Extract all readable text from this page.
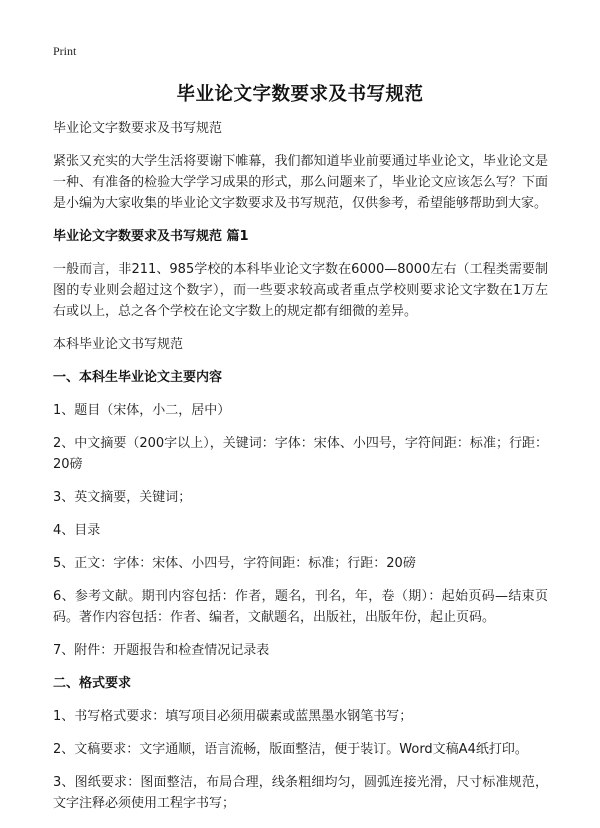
Print
毕业论文字数要求及书写规范

毕业论文字数要求及书写规范

紧张又充实的大学生活将要谢下帷幕，我们都知道毕业前要通过毕业论文，毕业论文是一种、有准备的检验大学学习成果的形式，那么问题来了，毕业论文应该怎么写？下面是小编为大家收集的毕业论文字数要求及书写规范，仅供参考，希望能够帮助到大家。

毕业论文字数要求及书写规范 篇1

一般而言，非211、985学校的本科毕业论文字数在6000—8000左右（工程类需要制图的专业则会超过这个数字），而一些要求较高或者重点学校则要求论文字数在1万左右或以上，总之各个学校在论文字数上的规定都有细微的差异。

本科毕业论文书写规范

一、本科生毕业论文主要内容

1、题目（宋体，小二，居中）

2、中文摘要（200字以上），关键词：字体：宋体、小四号，字符间距：标准；行距：20磅

3、英文摘要，关键词；

4、目录

5、正文：字体：宋体、小四号，字符间距：标准；行距：20磅

6、参考文献。期刊内容包括：作者，题名，刊名，年，卷（期）：起始页码—结束页码。著作内容包括：作者、编者，文献题名，出版社，出版年份，起止页码。

7、附件：开题报告和检查情况记录表

二、格式要求

1、书写格式要求：填写项目必须用碳素或蓝黑墨水钢笔书写；

2、文稿要求：文字通顺，语言流畅，版面整洁，便于装订。Word文稿A4纸打印。

3、图纸要求：图面整洁，布局合理，线条粗细均匀，圆弧连接光滑，尺寸标准规范，文字注释必须使用工程字书写；
